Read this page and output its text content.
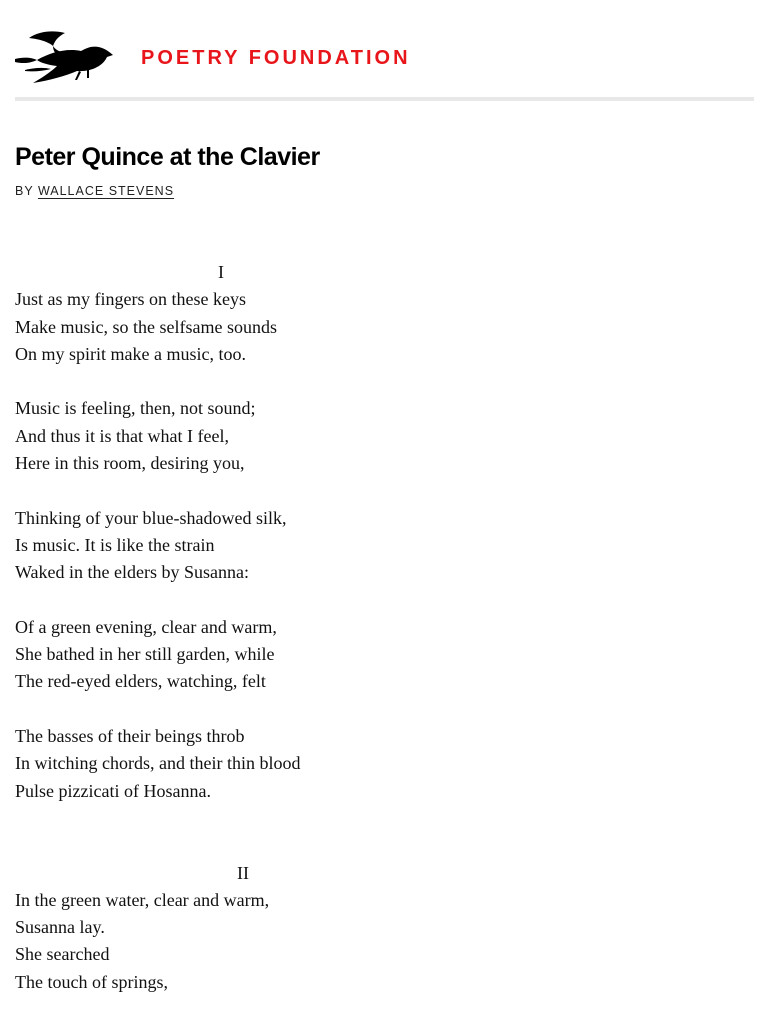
POETRY FOUNDATION
Peter Quince at the Clavier
BY WALLACE STEVENS
I
Just as my fingers on these keys
Make music, so the selfsame sounds
On my spirit make a music, too.
Music is feeling, then, not sound;
And thus it is that what I feel,
Here in this room, desiring you,
Thinking of your blue-shadowed silk,
Is music. It is like the strain
Waked in the elders by Susanna:
Of a green evening, clear and warm,
She bathed in her still garden, while
The red-eyed elders, watching, felt
The basses of their beings throb
In witching chords, and their thin blood
Pulse pizzicati of Hosanna.
II
In the green water, clear and warm,
Susanna lay.
She searched
The touch of springs,
